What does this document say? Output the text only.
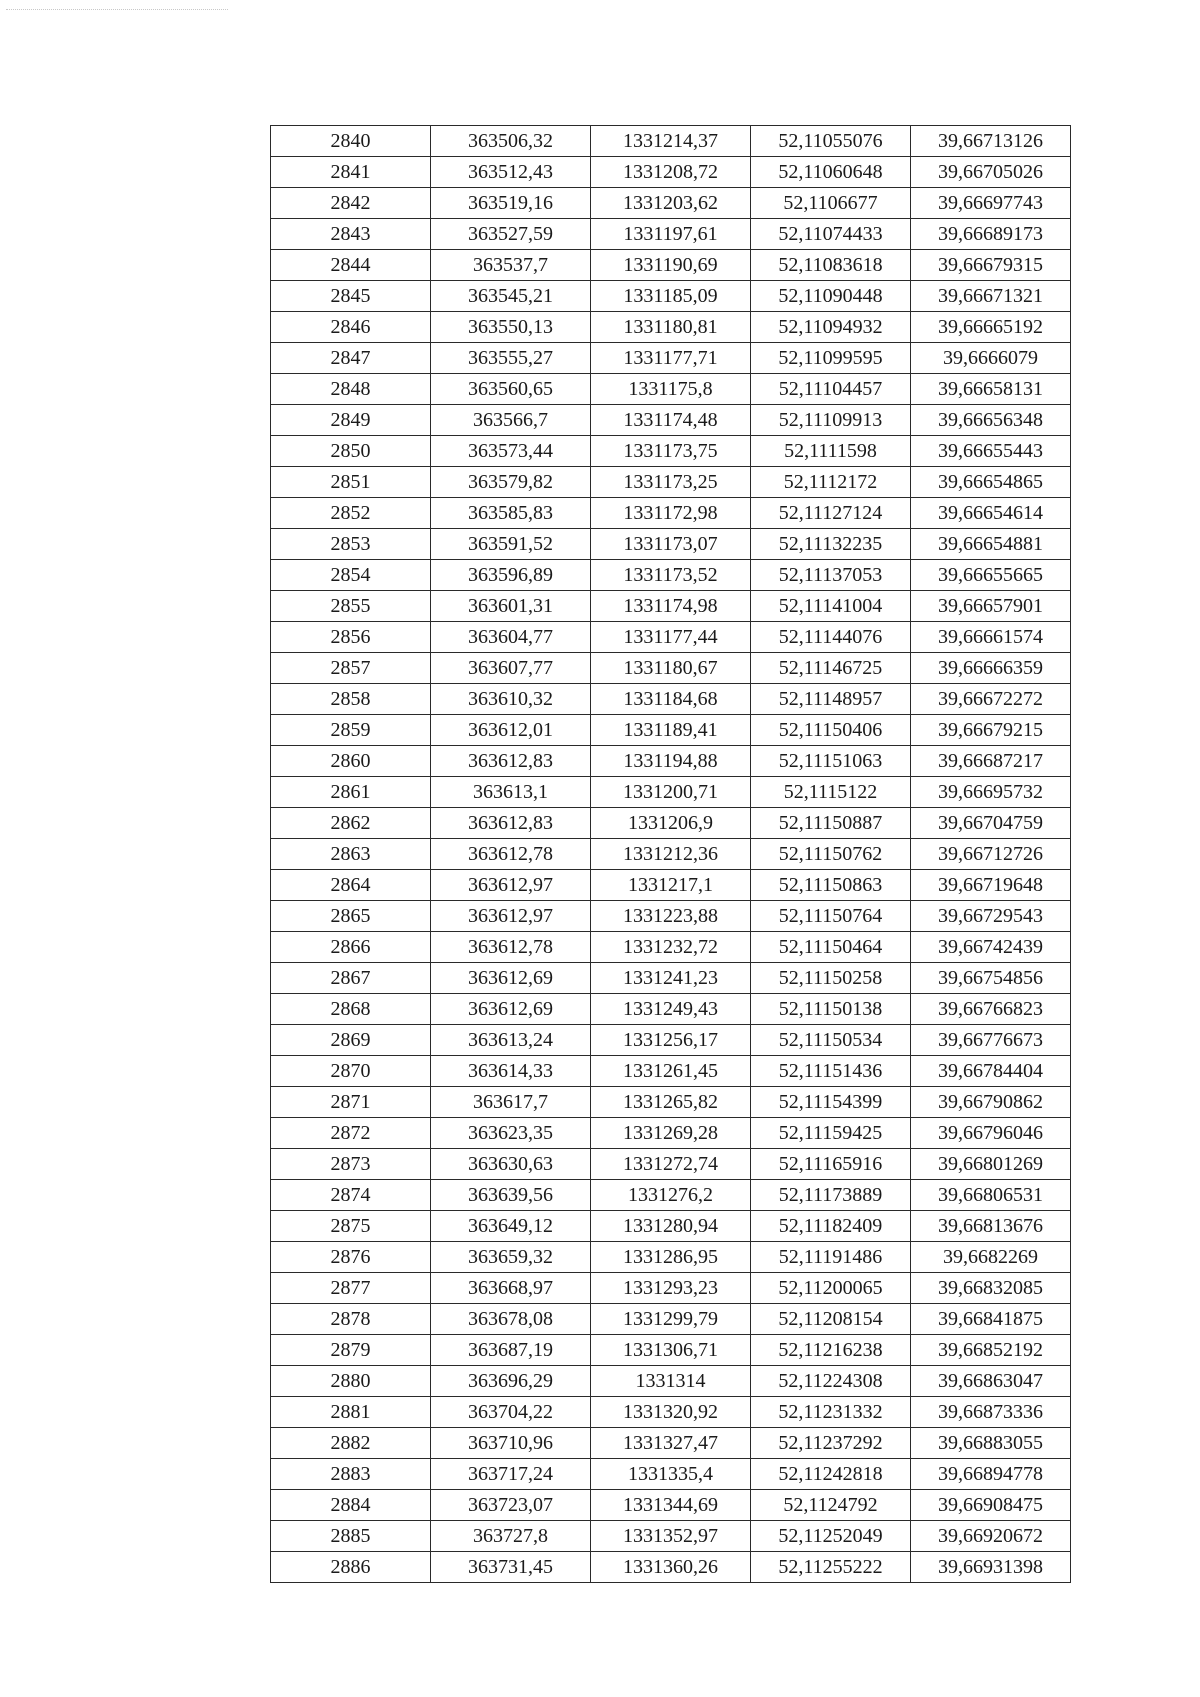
2840	363506,32	1331214,37	52,11055076	39,66713126
2841	363512,43	1331208,72	52,11060648	39,66705026
2842	363519,16	1331203,62	52,1106677	39,66697743
2843	363527,59	1331197,61	52,11074433	39,66689173
2844	363537,7	1331190,69	52,11083618	39,66679315
2845	363545,21	1331185,09	52,11090448	39,66671321
2846	363550,13	1331180,81	52,11094932	39,66665192
2847	363555,27	1331177,71	52,11099595	39,6666079
2848	363560,65	1331175,8	52,11104457	39,66658131
2849	363566,7	1331174,48	52,11109913	39,66656348
2850	363573,44	1331173,75	52,1111598	39,66655443
2851	363579,82	1331173,25	52,1112172	39,66654865
2852	363585,83	1331172,98	52,11127124	39,66654614
2853	363591,52	1331173,07	52,11132235	39,66654881
2854	363596,89	1331173,52	52,11137053	39,66655665
2855	363601,31	1331174,98	52,11141004	39,66657901
2856	363604,77	1331177,44	52,11144076	39,66661574
2857	363607,77	1331180,67	52,11146725	39,66666359
2858	363610,32	1331184,68	52,11148957	39,66672272
2859	363612,01	1331189,41	52,11150406	39,66679215
2860	363612,83	1331194,88	52,11151063	39,66687217
2861	363613,1	1331200,71	52,1115122	39,66695732
2862	363612,83	1331206,9	52,11150887	39,66704759
2863	363612,78	1331212,36	52,11150762	39,66712726
2864	363612,97	1331217,1	52,11150863	39,66719648
2865	363612,97	1331223,88	52,11150764	39,66729543
2866	363612,78	1331232,72	52,11150464	39,66742439
2867	363612,69	1331241,23	52,11150258	39,66754856
2868	363612,69	1331249,43	52,11150138	39,66766823
2869	363613,24	1331256,17	52,11150534	39,66776673
2870	363614,33	1331261,45	52,11151436	39,66784404
2871	363617,7	1331265,82	52,11154399	39,66790862
2872	363623,35	1331269,28	52,11159425	39,66796046
2873	363630,63	1331272,74	52,11165916	39,66801269
2874	363639,56	1331276,2	52,11173889	39,66806531
2875	363649,12	1331280,94	52,11182409	39,66813676
2876	363659,32	1331286,95	52,11191486	39,6682269
2877	363668,97	1331293,23	52,11200065	39,66832085
2878	363678,08	1331299,79	52,11208154	39,66841875
2879	363687,19	1331306,71	52,11216238	39,66852192
2880	363696,29	1331314	52,11224308	39,66863047
2881	363704,22	1331320,92	52,11231332	39,66873336
2882	363710,96	1331327,47	52,11237292	39,66883055
2883	363717,24	1331335,4	52,11242818	39,66894778
2884	363723,07	1331344,69	52,1124792	39,66908475
2885	363727,8	1331352,97	52,11252049	39,66920672
2886	363731,45	1331360,26	52,11255222	39,66931398
